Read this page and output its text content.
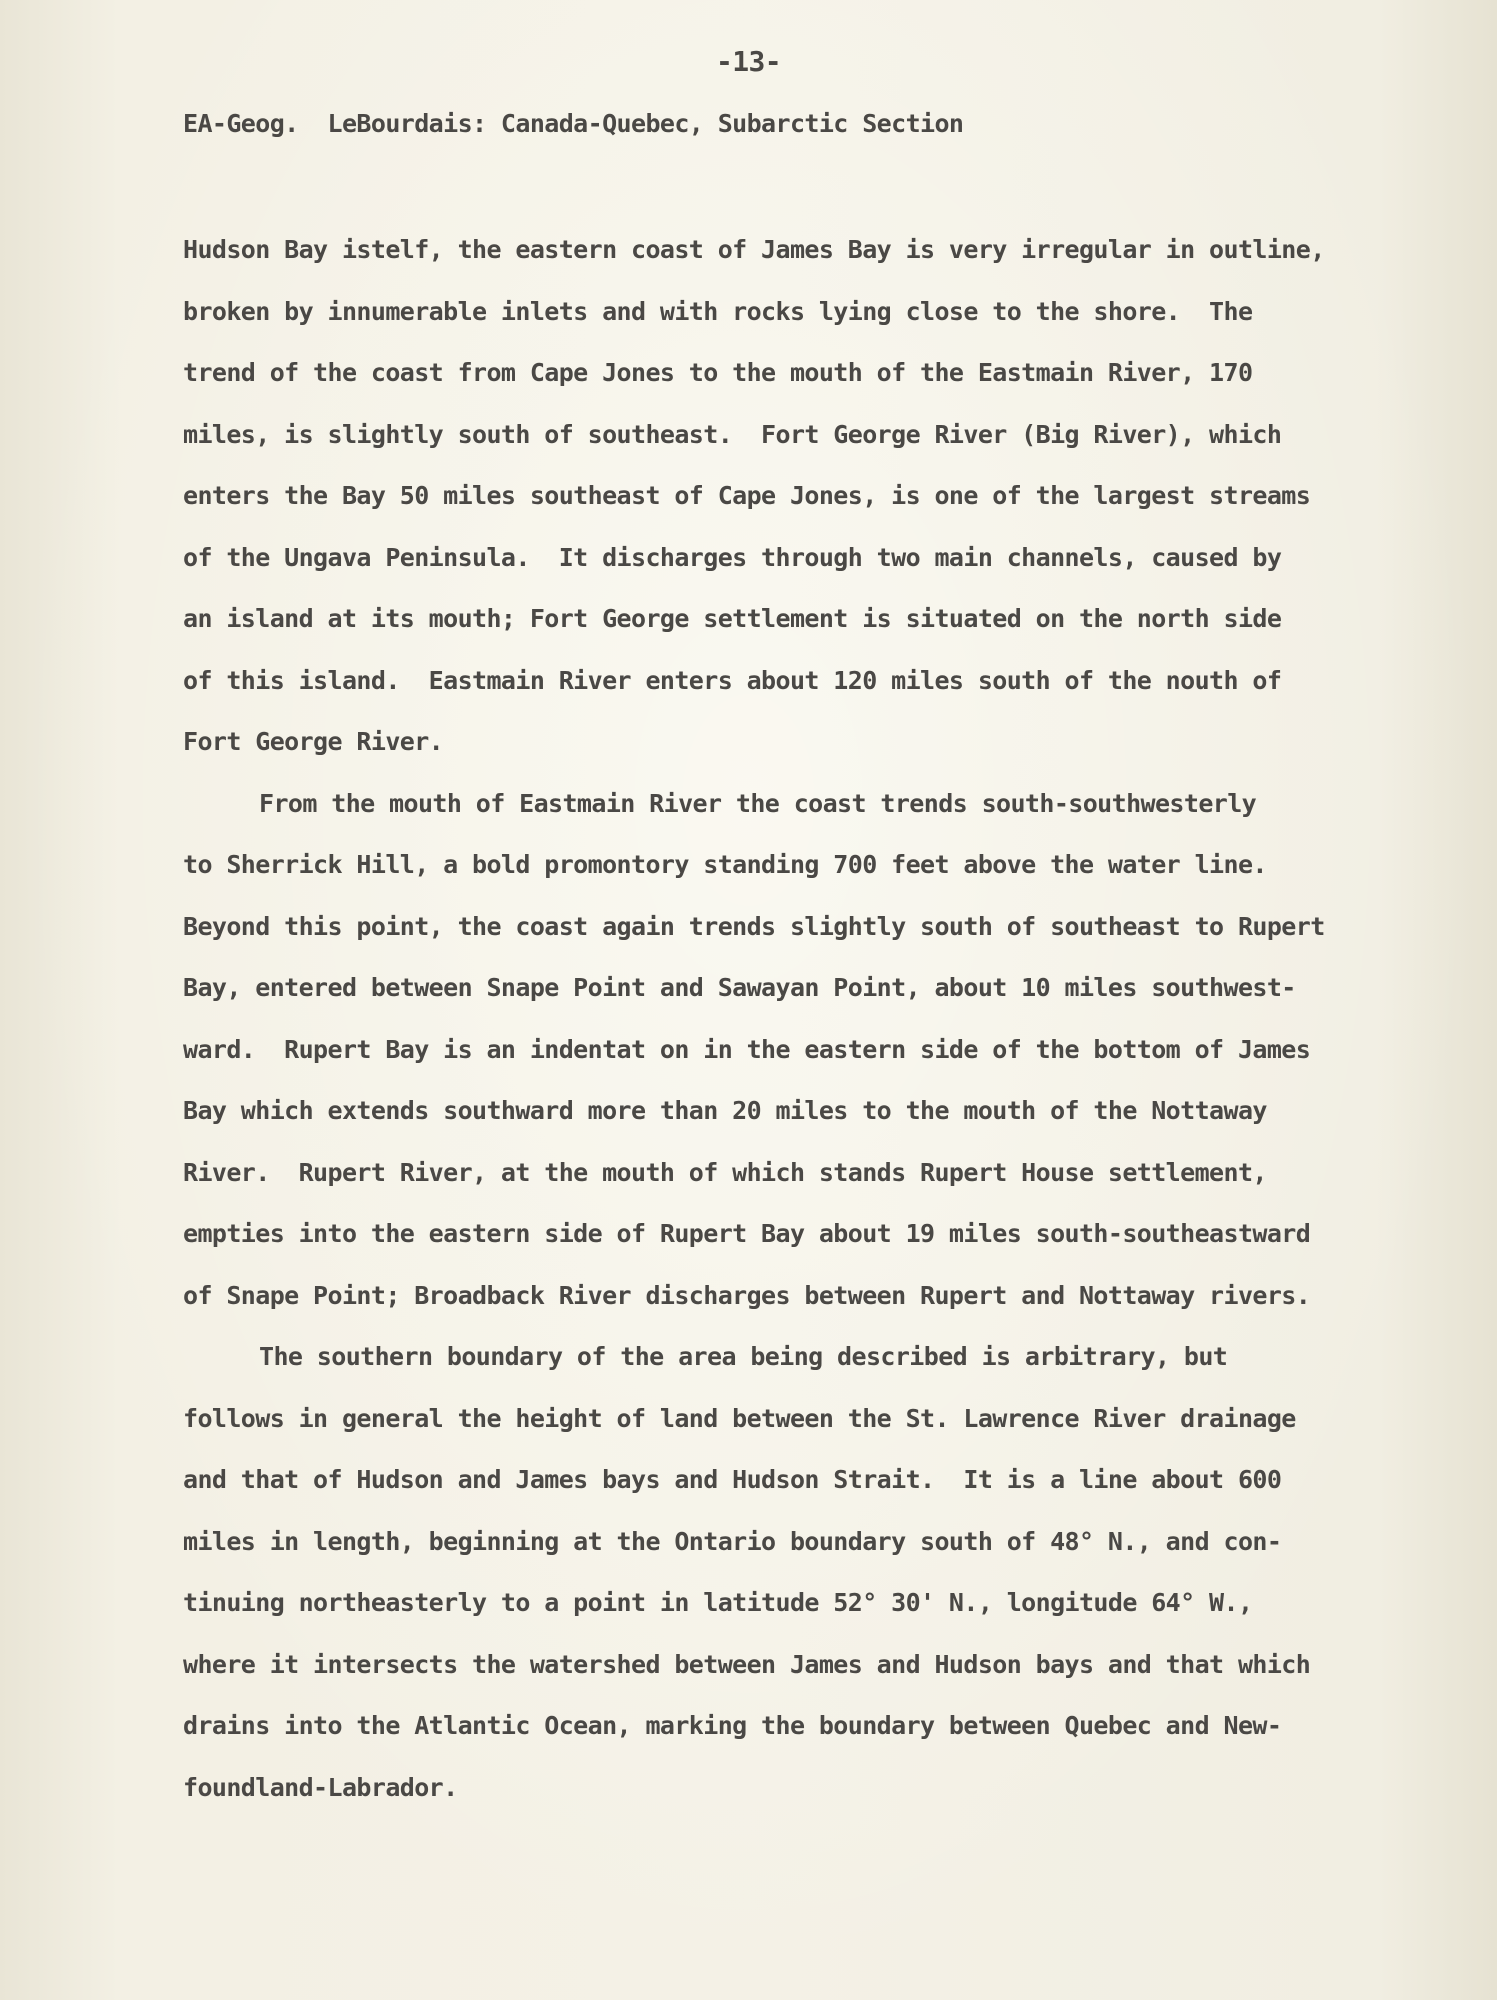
-13-
EA-Geog.  LeBourdais: Canada-Quebec, Subarctic Section
Hudson Bay istelf, the eastern coast of James Bay is very irregular in outline,
broken by innumerable inlets and with rocks lying close to the shore.  The
trend of the coast from Cape Jones to the mouth of the Eastmain River, 170
miles, is slightly south of southeast.  Fort George River (Big River), which
enters the Bay 50 miles southeast of Cape Jones, is one of the largest streams
of the Ungava Peninsula.  It discharges through two main channels, caused by
an island at its mouth; Fort George settlement is situated on the north side
of this island.  Eastmain River enters about 120 miles south of the nouth of
Fort George River.
From the mouth of Eastmain River the coast trends south-southwesterly
to Sherrick Hill, a bold promontory standing 700 feet above the water line.
Beyond this point, the coast again trends slightly south of southeast to Rupert
Bay, entered between Snape Point and Sawayan Point, about 10 miles southwest-
ward.  Rupert Bay is an indentat on in the eastern side of the bottom of James
Bay which extends southward more than 20 miles to the mouth of the Nottaway
River.  Rupert River, at the mouth of which stands Rupert House settlement,
empties into the eastern side of Rupert Bay about 19 miles south-southeastward
of Snape Point; Broadback River discharges between Rupert and Nottaway rivers.
The southern boundary of the area being described is arbitrary, but
follows in general the height of land between the St. Lawrence River drainage
and that of Hudson and James bays and Hudson Strait.  It is a line about 600
miles in length, beginning at the Ontario boundary south of 48° N., and con-
tinuing northeasterly to a point in latitude 52° 30' N., longitude 64° W.,
where it intersects the watershed between James and Hudson bays and that which
drains into the Atlantic Ocean, marking the boundary between Quebec and New-
foundland-Labrador.
